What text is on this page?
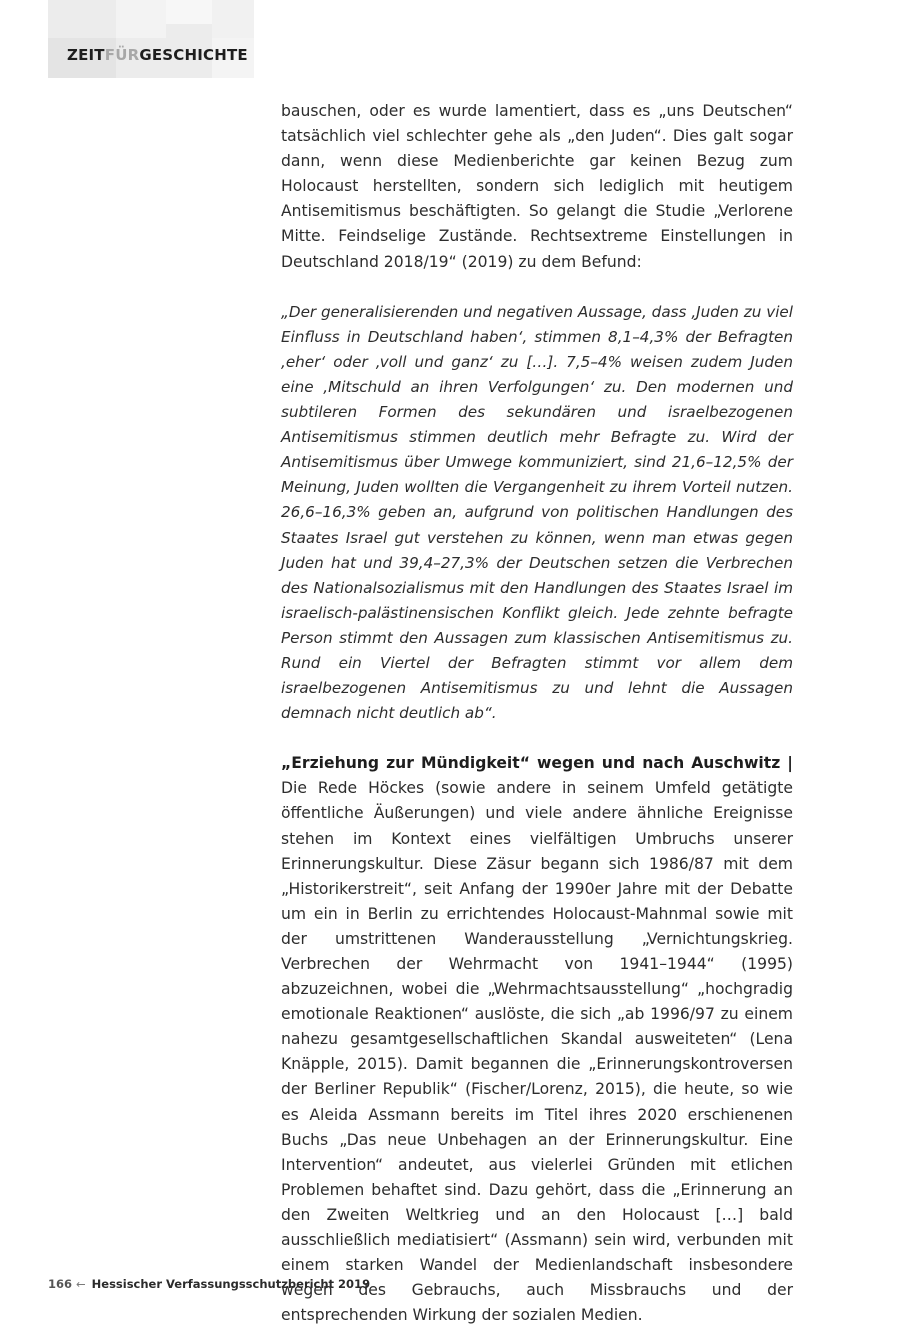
ZEITFÜRGESCHICHTE

bauschen, oder es wurde lamentiert, dass es „uns Deutschen“ tatsächlich viel schlechter gehe als „den Juden“. Dies galt sogar dann, wenn diese Medienberichte gar keinen Bezug zum Holocaust herstellten, sondern sich lediglich mit heutigem Antisemitismus beschäftigten. So gelangt die Studie „Verlorene Mitte. Feindselige Zustände. Rechtsextreme Einstellungen in Deutschland 2018/19“ (2019) zu dem Befund:

„Der generalisierenden und negativen Aussage, dass ‚Juden zu viel Einfluss in Deutschland haben‘, stimmen 8,1–4,3% der Befragten ‚eher‘ oder ‚voll und ganz‘ zu […]. 7,5–4% weisen zudem Juden eine ‚Mitschuld an ihren Verfolgungen‘ zu. Den modernen und subtileren Formen des sekundären und israelbezogenen Antisemitismus stimmen deutlich mehr Befragte zu. Wird der Antisemitismus über Umwege kommuniziert, sind 21,6–12,5% der Meinung, Juden wollten die Vergangenheit zu ihrem Vorteil nutzen. 26,6–16,3% geben an, aufgrund von politischen Handlungen des Staates Israel gut verstehen zu können, wenn man etwas gegen Juden hat und 39,4–27,3% der Deutschen setzen die Verbrechen des Nationalsozialismus mit den Handlungen des Staates Israel im israelisch-palästinensischen Konflikt gleich. Jede zehnte befragte Person stimmt den Aussagen zum klassischen Antisemitismus zu. Rund ein Viertel der Befragten stimmt vor allem dem israelbezogenen Antisemitismus zu und lehnt die Aussagen demnach nicht deutlich ab“.

„Erziehung zur Mündigkeit“ wegen und nach Auschwitz | Die Rede Höckes (sowie andere in seinem Umfeld getätigte öffentliche Äußerungen) und viele andere ähnliche Ereignisse stehen im Kontext eines vielfältigen Umbruchs unserer Erinnerungskultur. Diese Zäsur begann sich 1986/87 mit dem „Historikerstreit“, seit Anfang der 1990er Jahre mit der Debatte um ein in Berlin zu errichtendes Holocaust-Mahnmal sowie mit der umstrittenen Wanderausstellung „Vernichtungskrieg. Verbrechen der Wehrmacht von 1941–1944“ (1995) abzuzeichnen, wobei die „Wehrmachtsausstellung“ „hochgradig emotionale Reaktionen“ auslöste, die sich „ab 1996/97 zu einem nahezu gesamtgesellschaftlichen Skandal ausweiteten“ (Lena Knäpple, 2015). Damit begannen die „Erinnerungskontroversen der Berliner Republik“ (Fischer/Lorenz, 2015), die heute, so wie es Aleida Assmann bereits im Titel ihres 2020 erschienenen Buchs „Das neue Unbehagen an der Erinnerungskultur. Eine Intervention“ andeutet, aus vielerlei Gründen mit etlichen Problemen behaftet sind. Dazu gehört, dass die „Erinnerung an den Zweiten Weltkrieg und an den Holocaust […] bald ausschließlich mediatisiert“ (Assmann) sein wird, verbunden mit einem starken Wandel der Medienlandschaft insbesondere wegen des Gebrauchs, auch Missbrauchs und der entsprechenden Wirkung der sozialen Medien.

166 ← Hessischer Verfassungsschutzbericht 2019
